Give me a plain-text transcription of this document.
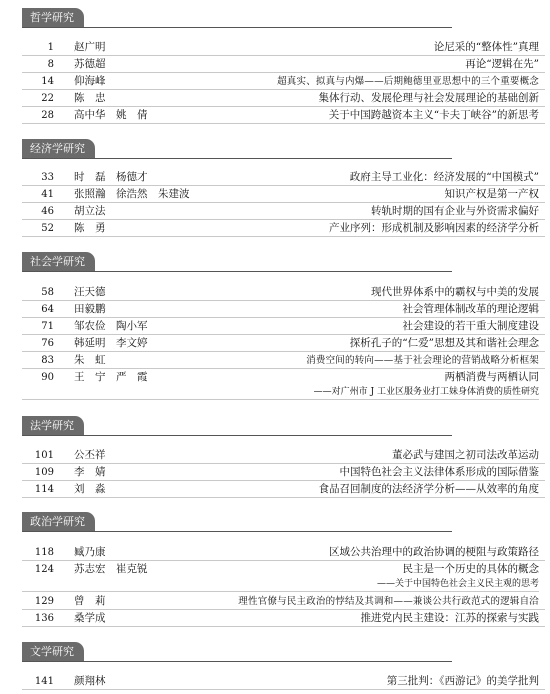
哲学研究
1 赵广明	论尼采的“整体性”真理
8 苏德超	再论“逻辑在先”
14 仰海峰	超真实、拟真与内爆——后期鲍德里亚思想中的三个重要概念
22 陈　忠	集体行动、发展伦理与社会发展理论的基础创新
28 高中华　姚　倩	关于中国跨越资本主义“卡夫丁峡谷”的新思考
经济学研究
33 时　磊　杨德才	政府主导工业化：经济发展的“中国模式”
41 张照瀚　徐浩然　朱建波	知识产权是第一产权
46 胡立法	转轨时期的国有企业与外资需求偏好
52 陈　勇	产业序列：形成机制及影响因素的经济学分析
社会学研究
58 汪天德	现代世界体系中的霸权与中美的发展
64 田毅鹏	社会管理体制改革的理论逻辑
71 邹农俭　陶小军	社会建设的若干重大制度建设
76 韩延明　李文婷	探析孔子的“仁爱”思想及其和谐社会理念
83 朱　虹	消费空间的转向——基于社会理论的营销战略分析框架
90 王　宁　严　霞	两栖消费与两栖认同
——对广州市 J 工业区服务业打工妹身体消费的质性研究
法学研究
101 公丕祥	董必武与建国之初司法改革运动
109 李　婧	中国特色社会主义法律体系形成的国际借鉴
114 刘　淼	食品召回制度的法经济学分析——从效率的角度
政治学研究
118 臧乃康	区域公共治理中的政治协调的梗阻与政策路径
124 苏志宏　崔克锐	民主是一个历史的具体的概念
——关于中国特色社会主义民主观的思考
129 曾　莉	理性官僚与民主政治的悖结及其调和——兼谈公共行政范式的逻辑自洽
136 桑学成	推进党内民主建设：江苏的探索与实践
文学研究
141 颜翔林	第三批判：《西游记》的美学批判
